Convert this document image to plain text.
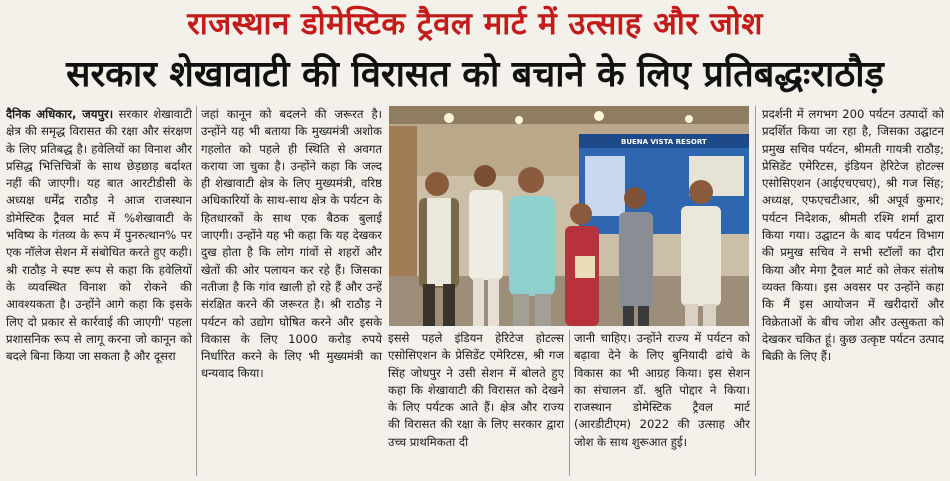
राजस्थान डोमेस्टिक ट्रैवल मार्ट में उत्साह और जोश
सरकार शेखावाटी की विरासत को बचाने के लिए प्रतिबद्धःराठौड़

दैनिक अधिकार, जयपुर। सरकार शेखावाटी क्षेत्र की समृद्ध विरासत की रक्षा और संरक्षण के लिए प्रतिबद्ध है। हवेलियों का विनाश और प्रसिद्ध भित्तिचित्रों के साथ छेड़छाड़ बर्दाश्त नहीं की जाएगी। यह बात आरटीडीसी के अध्यक्ष धर्मेंद्र राठौड़ ने आज राजस्थान डोमेस्टिक ट्रैवल मार्ट में %शेखावाटी के भविष्य के गंतव्य के रूप में पुनरुत्थान% पर एक नॉलेज सेशन में संबोधित करते हुए कही। श्री राठौड़ ने स्पष्ट रूप से कहा कि हवेलियों के व्यवस्थित विनाश को रोकने की आवश्यकता है। उन्होंने आगे कहा कि इसके लिए दो प्रकार से कार्रवाई की जाएगी' पहला प्रशासनिक रूप से लागू करना जो कानून को बदले बिना किया जा सकता है और दूसरा

जहां कानून को बदलने की जरूरत है। उन्होंने यह भी बताया कि मुख्यमंत्री अशोक गहलोत को पहले ही स्थिति से अवगत कराया जा चुका है। उन्होंने कहा कि जल्द ही शेखावाटी क्षेत्र के लिए मुख्यमंत्री, वरिष्ठ अधिकारियों के साथ-साथ क्षेत्र के पर्यटन के हितधारकों के साथ एक बैठक बुलाई जाएगी। उन्होंने यह भी कहा कि यह देखकर दुख होता है कि लोग गांवों से शहरों और खेतों की ओर पलायन कर रहे हैं। जिसका नतीजा है कि गांव खाली हो रहे हैं और उन्हें संरक्षित करने की जरूरत है। श्री राठौड़ ने पर्यटन को उद्योग घोषित करने और इसके विकास के लिए 1000 करोड़ रुपये निर्धारित करने के लिए भी मुख्यमंत्री का धन्यवाद किया।

BUENA VISTA RESORT

इससे पहले इंडियन हेरिटेज होटल्स एसोसिएशन के प्रेसिडेंट एमेरिटस, श्री गज सिंह जोधपुर ने उसी सेशन में बोलते हुए कहा कि शेखावाटी की विरासत को देखने के लिए पर्यटक आते हैं। क्षेत्र और राज्य की विरासत की रक्षा के लिए सरकार द्वारा उच्च प्राथमिकता दी

जानी चाहिए। उन्होंने राज्य में पर्यटन को बढ़ावा देने के लिए बुनियादी ढांचे के विकास का भी आग्रह किया। इस सेशन का संचालन डॉ. श्रुति पोद्दार ने किया। राजस्थान डोमेस्टिक ट्रैवल मार्ट (आरडीटीएम) 2022 की उत्साह और जोश के साथ शुरूआत हुई।

प्रदर्शनी में लगभग 200 पर्यटन उत्पादों को प्रदर्शित किया जा रहा है, जिसका उद्घाटन प्रमुख सचिव पर्यटन, श्रीमती गायत्री राठौड़; प्रेसिडेंट एमेरिटस, इंडियन हेरिटेज होटल्स एसोसिएशन (आईएचएचए), श्री गज सिंह; अध्यक्ष, एफएचटीआर, श्री अपूर्व कुमार; पर्यटन निदेशक, श्रीमती रश्मि शर्मा द्वारा किया गया। उद्घाटन के बाद पर्यटन विभाग की प्रमुख सचिव ने सभी स्टॉलों का दौरा किया और मेगा ट्रैवल मार्ट को लेकर संतोष व्यक्त किया। इस अवसर पर उन्होंने कहा कि मैं इस आयोजन में खरीदारों और विक्रेताओं के बीच जोश और उत्सुकता को देखकर चकित हूं। कुछ उत्कृष्ट पर्यटन उत्पाद बिक्री के लिए हैं।
